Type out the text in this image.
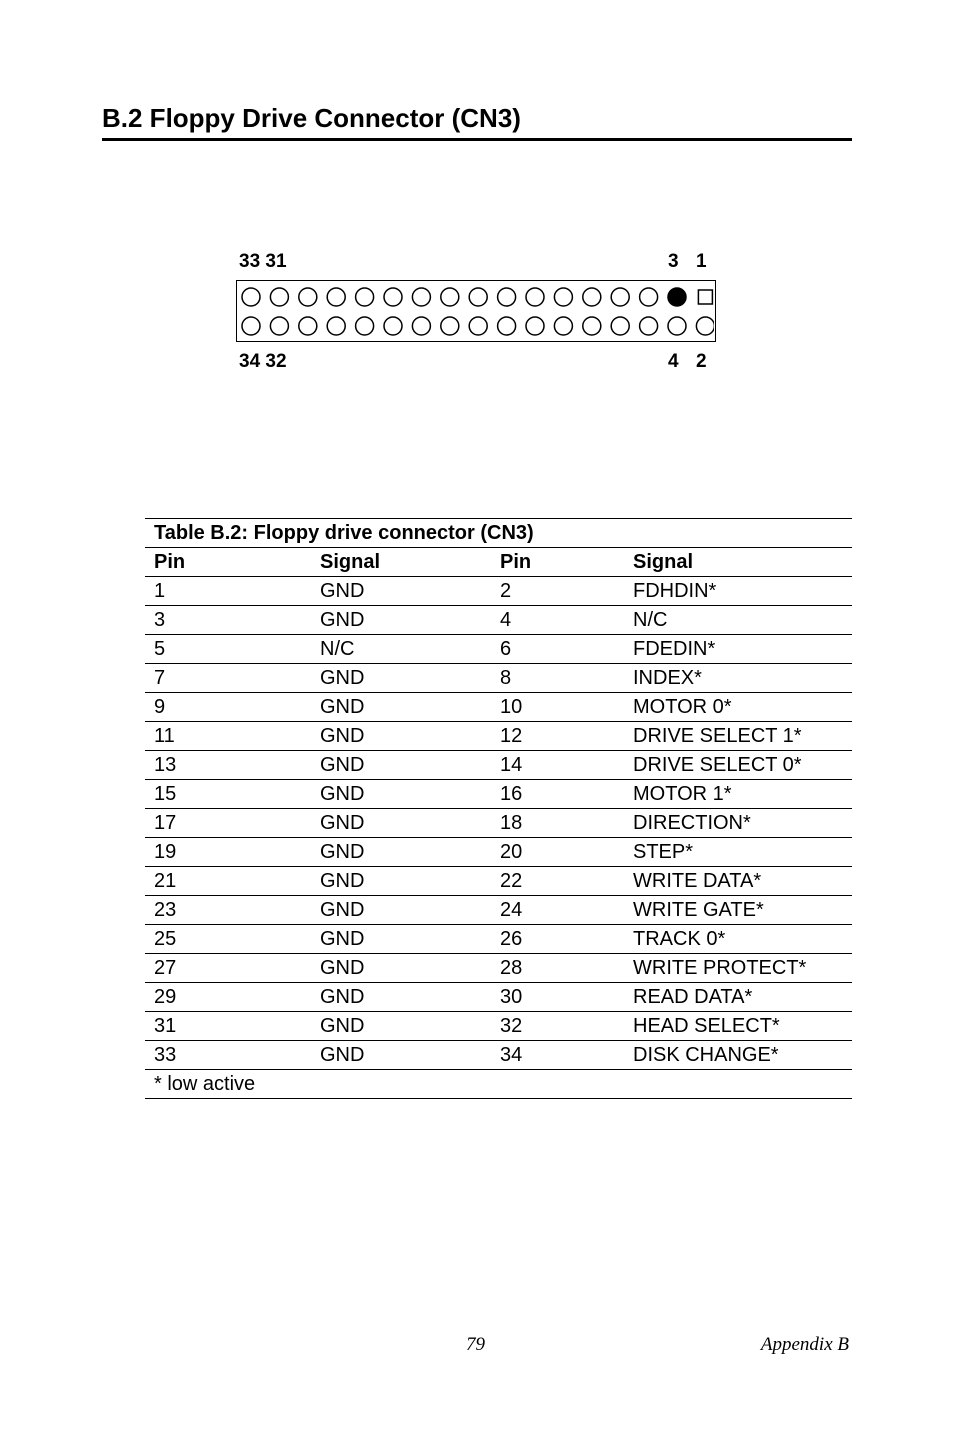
B.2 Floppy Drive Connector (CN3)
33 31	3 1
34 32	4 2
Table B.2: Floppy drive connector (CN3)			
Pin	Signal	Pin	Signal
1	GND	2	FDHDIN*
3	GND	4	N/C
5	N/C	6	FDEDIN*
7	GND	8	INDEX*
9	GND	10	MOTOR 0*
11	GND	12	DRIVE SELECT 1*
13	GND	14	DRIVE SELECT 0*
15	GND	16	MOTOR 1*
17	GND	18	DIRECTION*
19	GND	20	STEP*
21	GND	22	WRITE DATA*
23	GND	24	WRITE GATE*
25	GND	26	TRACK 0*
27	GND	28	WRITE PROTECT*
29	GND	30	READ DATA*
31	GND	32	HEAD SELECT*
33	GND	34	DISK CHANGE*
* low active			
79	Appendix B
